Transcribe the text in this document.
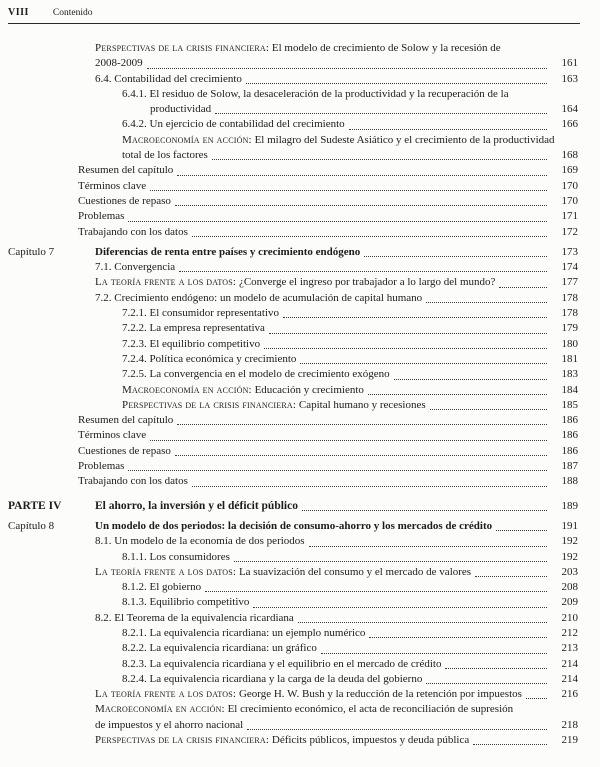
VIII	Contenido
Perspectivas de la crisis financiera: El modelo de crecimiento de Solow y la recesión de
2008-2009	161
6.4. Contabilidad del crecimiento	163
6.4.1. El residuo de Solow, la desaceleración de la productividad y la recuperación de la
productividad	164
6.4.2. Un ejercicio de contabilidad del crecimiento	166
Macroeconomía en acción: El milagro del Sudeste Asiático y el crecimiento de la productividad
total de los factores	168
Resumen del capítulo	169
Términos clave	170
Cuestiones de repaso	170
Problemas	171
Trabajando con los datos	172
Capítulo 7	Diferencias de renta entre países y crecimiento endógeno	173
7.1. Convergencia	174
La teoría frente a los datos: ¿Converge el ingreso por trabajador a lo largo del mundo?	177
7.2. Crecimiento endógeno: un modelo de acumulación de capital humano	178
7.2.1. El consumidor representativo	178
7.2.2. La empresa representativa	179
7.2.3. El equilibrio competitivo	180
7.2.4. Política económica y crecimiento	181
7.2.5. La convergencia en el modelo de crecimiento exógeno	183
Macroeconomía en acción: Educación y crecimiento	184
Perspectivas de la crisis financiera: Capital humano y recesiones	185
Resumen del capítulo	186
Términos clave	186
Cuestiones de repaso	186
Problemas	187
Trabajando con los datos	188
PARTE IV	El ahorro, la inversión y el déficit público	189
Capítulo 8	Un modelo de dos periodos: la decisión de consumo-ahorro y los mercados de crédito	191
8.1. Un modelo de la economía de dos periodos	192
8.1.1. Los consumidores	192
La teoría frente a los datos: La suavización del consumo y el mercado de valores	203
8.1.2. El gobierno	208
8.1.3. Equilibrio competitivo	209
8.2. El Teorema de la equivalencia ricardiana	210
8.2.1. La equivalencia ricardiana: un ejemplo numérico	212
8.2.2. La equivalencia ricardiana: un gráfico	213
8.2.3. La equivalencia ricardiana y el equilibrio en el mercado de crédito	214
8.2.4. La equivalencia ricardiana y la carga de la deuda del gobierno	214
La teoría frente a los datos: George H. W. Bush y la reducción de la retención por impuestos	216
Macroeconomía en acción: El crecimiento económico, el acta de reconciliación de supresión
de impuestos y el ahorro nacional	218
Perspectivas de la crisis financiera: Déficits públicos, impuestos y deuda pública	219
